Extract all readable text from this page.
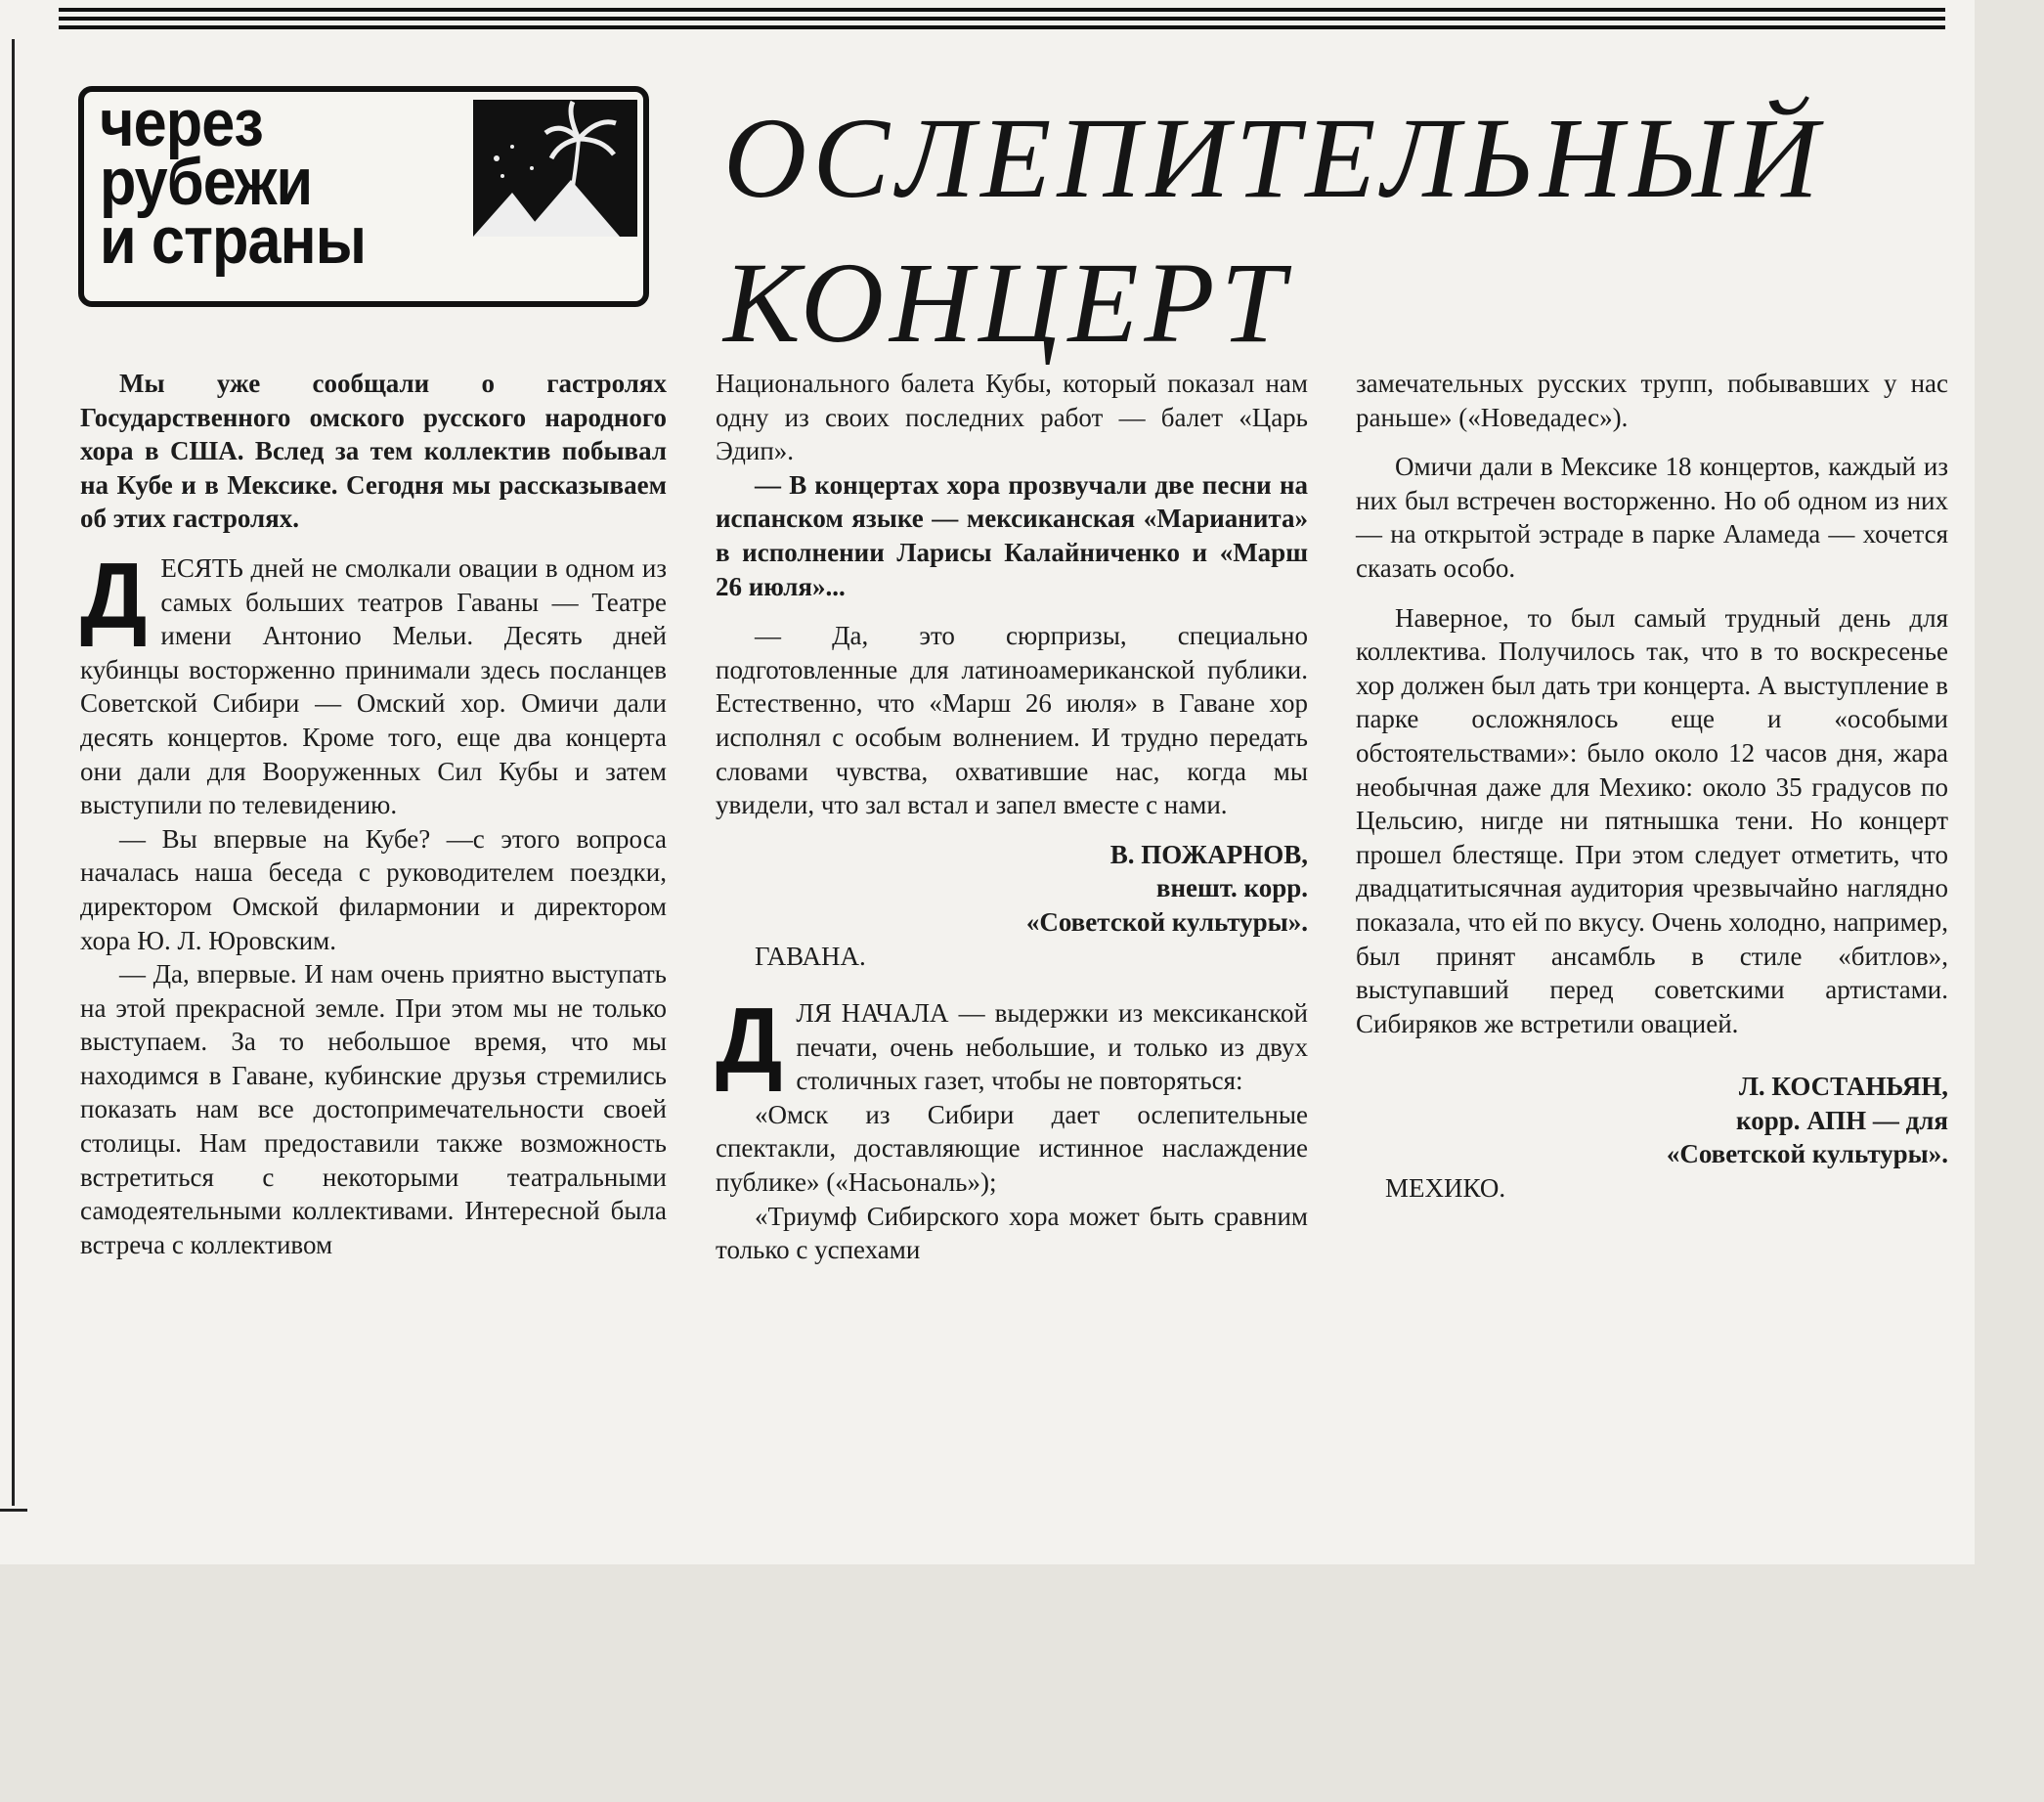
через
рубежи
и страны
ОСЛЕПИТЕЛЬНЫЙ
КОНЦЕРТ

Мы уже сообщали о гастролях Государственного омского русского народного хора в США. Вслед за тем коллектив побывал на Кубе и в Мексике. Сегодня мы рассказываем об этих гастролях.

ДЕСЯТЬ дней не смолкали овации в одном из самых больших театров Гаваны — Театре имени Антонио Мельи. Десять дней кубинцы восторженно принимали здесь посланцев Советской Сибири — Омский хор. Омичи дали десять концертов. Кроме того, еще два концерта они дали для Вооруженных Сил Кубы и затем выступили по телевидению.

— Вы впервые на Кубе? —с этого вопроса началась наша беседа с руководителем поездки, директором Омской филармонии и директором хора Ю. Л. Юровским.

— Да, впервые. И нам очень приятно выступать на этой прекрасной земле. При этом мы не только выступаем. За то небольшое время, что мы находимся в Гаване, кубинские друзья стремились показать нам все достопримечательности своей столицы. Нам предоставили также возможность встретиться с некоторыми театральными самодеятельными коллективами. Интересной была встреча с коллективом

Национального балета Кубы, который показал нам одну из своих последних работ — балет «Царь Эдип».

— В концертах хора прозвучали две песни на испанском языке — мексиканская «Марианита» в исполнении Ларисы Калайниченко и «Марш 26 июля»...

— Да, это сюрпризы, специально подготовленные для латиноамериканской публики. Естественно, что «Марш 26 июля» в Гаване хор исполнял с особым волнением. И трудно передать словами чувства, охватившие нас, когда мы увидели, что зал встал и запел вместе с нами.

В. ПОЖАРНОВ,

внешт. корр.

«Советской культуры».

ГАВАНА.

ДЛЯ НАЧАЛА — выдержки из мексиканской печати, очень небольшие, и только из двух столичных газет, чтобы не повторяться:

«Омск из Сибири дает ослепительные спектакли, доставляющие истинное наслаждение публике» («Насьональ»);

«Триумф Сибирского хора может быть сравним только с успехами

замечательных русских трупп, побывавших у нас раньше» («Новедадес»).

Омичи дали в Мексике 18 концертов, каждый из них был встречен восторженно. Но об одном из них — на открытой эстраде в парке Аламеда — хочется сказать особо.

Наверное, то был самый трудный день для коллектива. Получилось так, что в то воскресенье хор должен был дать три концерта. А выступление в парке осложнялось еще и «особыми обстоятельствами»: было около 12 часов дня, жара необычная даже для Мехико: около 35 градусов по Цельсию, нигде ни пятнышка тени. Но концерт прошел блестяще. При этом следует отметить, что двадцатитысячная аудитория чрезвычайно наглядно показала, что ей по вкусу. Очень холодно, например, был принят ансамбль в стиле «битлов», выступавший перед советскими артистами. Сибиряков же встретили овацией.

Л. КОСТАНЬЯН,

корр. АПН — для

«Советской культуры».

МЕХИКО.
